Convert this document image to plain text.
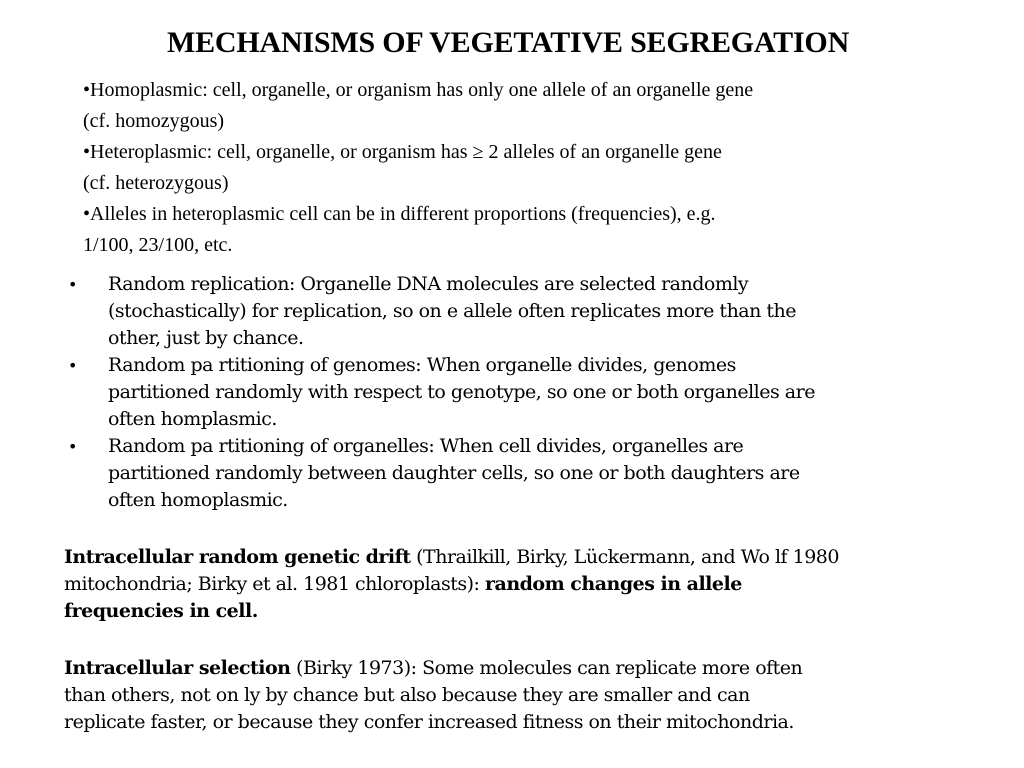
MECHANISMS OF VEGETATIVE SEGREGATION
•Homoplasmic: cell, organelle, or organism has only one allele of an organelle gene
(cf. homozygous)
•Heteroplasmic: cell, organelle, or organism has ≥ 2 alleles of an organelle gene
(cf. heterozygous)
•Alleles in heteroplasmic cell can be in different proportions (frequencies), e.g.
1/100, 23/100, etc.
• Random replication: Organelle DNA molecules are selected randomly
(stochastically) for replication, so on e allele often replicates more than the
other, just by chance.
• Random pa rtitioning of genomes: When organelle divides, genomes
partitioned randomly with respect to genotype, so one or both organelles are
often homplasmic.
• Random pa rtitioning of organelles: When cell divides, organelles are
partitioned randomly between daughter cells, so one or both daughters are
often homoplasmic.
Intracellular random genetic drift (Thrailkill, Birky, Lückermann, and Wo lf 1980
mitochondria; Birky et al. 1981 chloroplasts): random changes in allele
frequencies in cell.
Intracellular selection (Birky 1973): Some molecules can replicate more often
than others, not on ly by chance but also because they are smaller and can
replicate faster, or because they confer increased fitness on their mitochondria.
